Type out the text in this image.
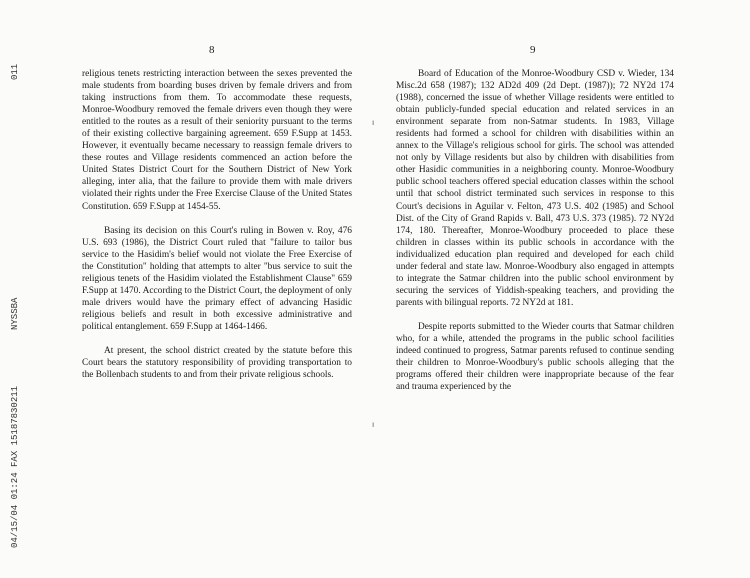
04/15/04 01:24 FAX 15187830211
NYSSBA
011
8	9

religious tenets restricting interaction between the sexes prevented the male students from boarding buses driven by female drivers and from taking instructions from them. To accommodate these requests, Monroe-Woodbury removed the female drivers even though they were entitled to the routes as a result of their seniority pursuant to the terms of their existing collective bargaining agreement. 659 F.Supp at 1453. However, it eventually became necessary to reassign female drivers to these routes and Village residents commenced an action before the United States District Court for the Southern District of New York alleging, inter alia, that the failure to provide them with male drivers violated their rights under the Free Exercise Clause of the United States Constitution. 659 F.Supp at 1454-55.

Basing its decision on this Court's ruling in Bowen v. Roy, 476 U.S. 693 (1986), the District Court ruled that "failure to tailor bus service to the Hasidim's belief would not violate the Free Exercise of the Constitution" holding that attempts to alter "bus service to suit the religious tenets of the Hasidim violated the Establishment Clause" 659 F.Supp at 1470. According to the District Court, the deployment of only male drivers would have the primary effect of advancing Hasidic religious beliefs and result in both excessive administrative and political entanglement. 659 F.Supp at 1464-1466.

At present, the school district created by the statute before this Court bears the statutory responsibility of providing transportation to the Bollenbach students to and from their private religious schools.

Board of Education of the Monroe-Woodbury CSD v. Wieder, 134 Misc.2d 658 (1987); 132 AD2d 409 (2d Dept. (1987)); 72 NY2d 174 (1988), concerned the issue of whether Village residents were entitled to obtain publicly-funded special education and related services in an environment separate from non-Satmar students. In 1983, Village residents had formed a school for children with disabilities within an annex to the Village's religious school for girls. The school was attended not only by Village residents but also by children with disabilities from other Hasidic communities in a neighboring county. Monroe-Woodbury public school teachers offered special education classes within the school until that school district terminated such services in response to this Court's decisions in Aguilar v. Felton, 473 U.S. 402 (1985) and School Dist. of the City of Grand Rapids v. Ball, 473 U.S. 373 (1985). 72 NY2d 174, 180. Thereafter, Monroe-Woodbury proceeded to place these children in classes within its public schools in accordance with the individualized education plan required and developed for each child under federal and state law. Monroe-Woodbury also engaged in attempts to integrate the Satmar children into the public school environment by securing the services of Yiddish-speaking teachers, and providing the parents with bilingual reports. 72 NY2d at 181.

Despite reports submitted to the Wieder courts that Satmar children who, for a while, attended the programs in the public school facilities indeed continued to progress, Satmar parents refused to continue sending their children to Monroe-Woodbury's public schools alleging that the programs offered their children were inappropriate because of the fear and trauma experienced by the

ı
ı
